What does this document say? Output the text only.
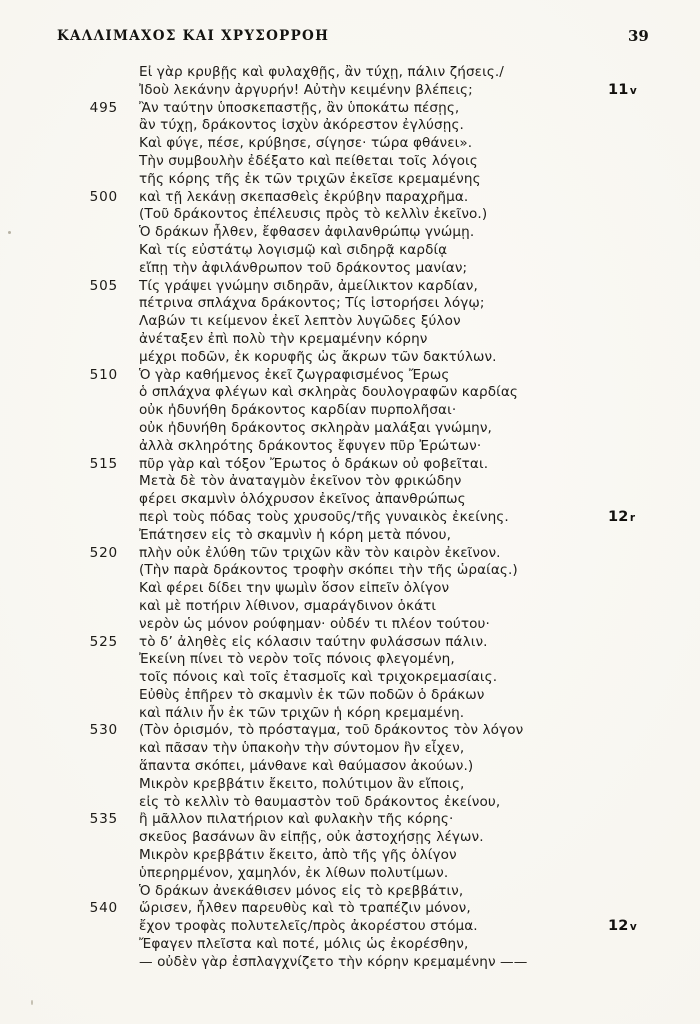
ΚΑΛΛΙΜΑΧΟΣ ΚΑΙ ΧΡΥΣΟΡΡΟΗ	39
Εἰ γὰρ κρυβῇς καὶ φυλαχθῇς, ἂν τύχῃ, πάλιν ζήσεις./
Ἰδοὺ λεκάνην ἀργυρήν! Αὐτὴν κειμένην βλέπεις;	11 v
495 Ἂν ταύτην ὑποσκεπαστῇς, ἂν ὑποκάτω πέσῃς,
ἂν τύχῃ, δράκοντος ἰσχὺν ἀκόρεστον ἐγλύσῃς.
Καὶ φύγε, πέσε, κρύβησε, σίγησε· τώρα φθάνει».
Τὴν συμβουλὴν ἐδέξατο καὶ πείθεται τοῖς λόγοις
τῆς κόρης τῆς ἐκ τῶν τριχῶν ἐκεῖσε κρεμαμένης
500 καὶ τῇ λεκάνῃ σκεπασθεὶς ἐκρύβην παραχρῆμα.
(Τοῦ δράκοντος ἐπέλευσις πρὸς τὸ κελλὶν ἐκεῖνο.)
Ὁ δράκων ἦλθεν, ἔφθασεν ἀφιλανθρώπῳ γνώμῃ.
Καὶ τίς εὐστάτῳ λογισμῷ καὶ σιδηρᾷ καρδίᾳ
εἴπῃ τὴν ἀφιλάνθρωπον τοῦ δράκοντος μανίαν;
505 Τίς γράψει γνώμην σιδηρᾶν, ἀμείλικτον καρδίαν,
πέτρινα σπλάχνα δράκοντος; Τίς ἱστορήσει λόγῳ;
Λαβών τι κείμενον ἐκεῖ λεπτὸν λυγῶδες ξύλον
ἀνέταξεν ἐπὶ πολὺ τὴν κρεμαμένην κόρην
μέχρι ποδῶν, ἐκ κορυφῆς ὡς ἄκρων τῶν δακτύλων.
510 Ὁ γὰρ καθήμενος ἐκεῖ ζωγραφισμένος Ἔρως
ὁ σπλάχνα φλέγων καὶ σκληρὰς δουλογραφῶν καρδίας
οὐκ ἠδυνήθη δράκοντος καρδίαν πυρπολῆσαι·
οὐκ ἠδυνήθη δράκοντος σκληρὰν μαλάξαι γνώμην,
ἀλλὰ σκληρότης δράκοντος ἔφυγεν πῦρ Ἐρώτων·
515 πῦρ γὰρ καὶ τόξον Ἔρωτος ὁ δράκων οὐ φοβεῖται.
Μετὰ δὲ τὸν ἀναταγμὸν ἐκεῖνον τὸν φρικώδην
φέρει σκαμνὶν ὁλόχρυσον ἐκεῖνος ἀπανθρώπως
περὶ τοὺς πόδας τοὺς χρυσοῦς/τῆς γυναικὸς ἐκείνης.	12 r
Ἐπάτησεν εἰς τὸ σκαμνὶν ἡ κόρη μετὰ πόνου,
520 πλὴν οὐκ ἐλύθη τῶν τριχῶν κἂν τὸν καιρὸν ἐκεῖνον.
(Τὴν παρὰ δράκοντος τροφὴν σκόπει τὴν τῆς ὡραίας.)
Καὶ φέρει δίδει την ψωμὶν ὅσον εἰπεῖν ὀλίγον
καὶ μὲ ποτήριν λίθινον, σμαράγδινον ὁκάτι
νερὸν ὡς μόνον ρούφημαν· οὐδέν τι πλέον τούτου·
525 τὸ δ’ ἀληθὲς εἰς κόλασιν ταύτην φυλάσσων πάλιν.
Ἐκείνη πίνει τὸ νερὸν τοῖς πόνοις φλεγομένη,
τοῖς πόνοις καὶ τοῖς ἐτασμοῖς καὶ τριχοκρεμασίαις.
Εὐθὺς ἐπῆρεν τὸ σκαμνὶν ἐκ τῶν ποδῶν ὁ δράκων
καὶ πάλιν ἦν ἐκ τῶν τριχῶν ἡ κόρη κρεμαμένη.
530 (Τὸν ὁρισμόν, τὸ πρόσταγμα, τοῦ δράκοντος τὸν λόγον
καὶ πᾶσαν τὴν ὑπακοὴν τὴν σύντομον ἣν εἶχεν,
ἅπαντα σκόπει, μάνθανε καὶ θαύμασον ἀκούων.)
Μικρὸν κρεββάτιν ἔκειτο, πολύτιμον ἂν εἴποις,
εἰς τὸ κελλὶν τὸ θαυμαστὸν τοῦ δράκοντος ἐκείνου,
535 ἢ μᾶλλον πιλατήριον καὶ φυλακὴν τῆς κόρης·
σκεῦος βασάνων ἂν εἰπῇς, οὐκ ἀστοχήσῃς λέγων.
Μικρὸν κρεββάτιν ἔκειτο, ἀπὸ τῆς γῆς ὀλίγον
ὑπερηρμένον, χαμηλόν, ἐκ λίθων πολυτίμων.
Ὁ δράκων ἀνεκάθισεν μόνος εἰς τὸ κρεββάτιν,
540 ὥρισεν, ἦλθεν παρευθὺς καὶ τὸ τραπέζιν μόνον,
ἔχον τροφὰς πολυτελεῖς/πρὸς ἀκορέστου στόμα.	12 v
Ἔφαγεν πλεῖστα καὶ ποτέ, μόλις ὡς ἐκορέσθην,
— οὐδὲν γὰρ ἐσπλαγχνίζετο τὴν κόρην κρεμαμένην ——
